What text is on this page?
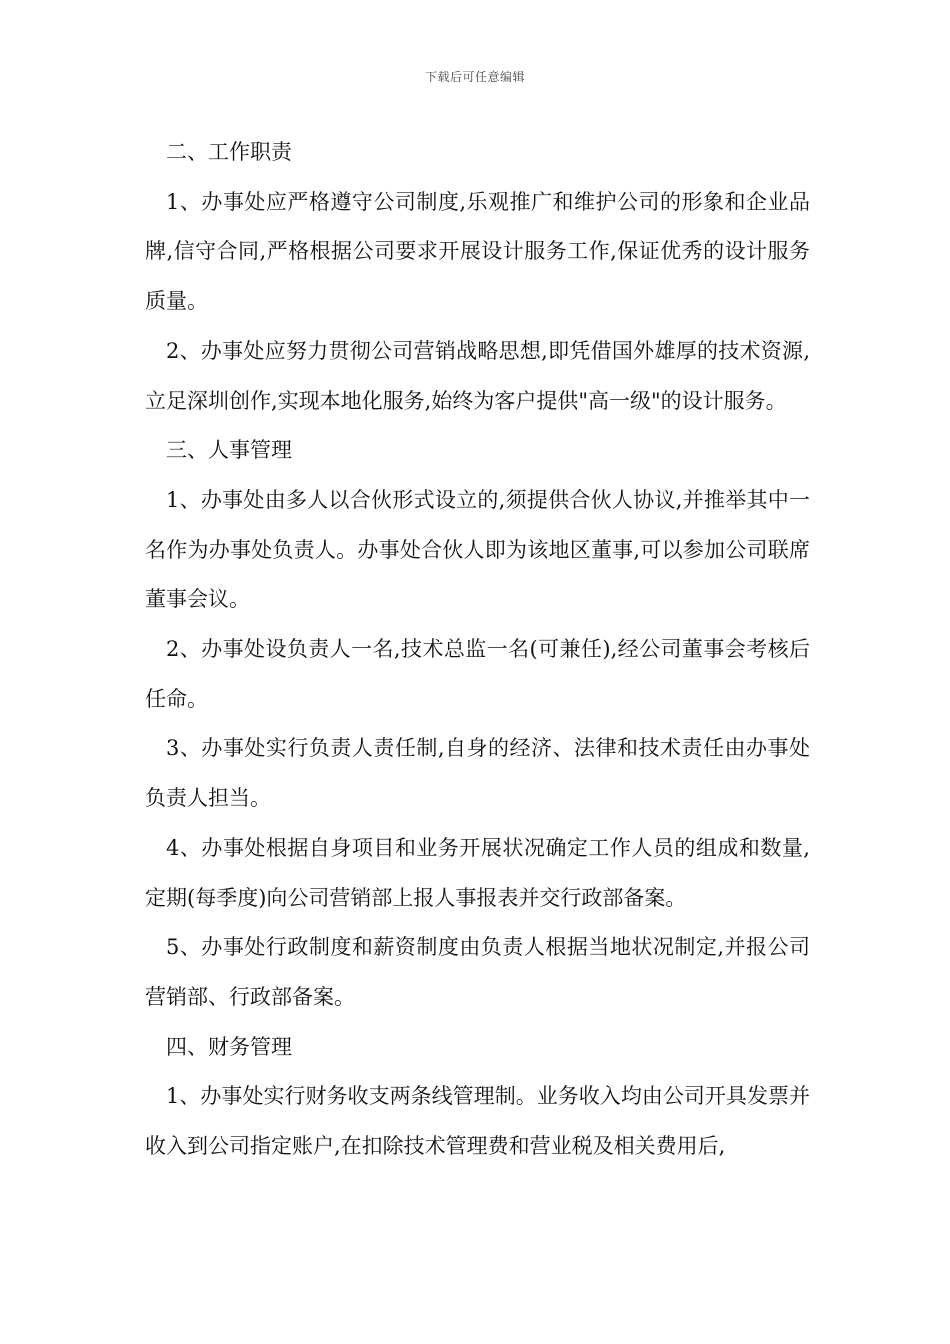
下载后可任意编辑

二、工作职责

1、办事处应严格遵守公司制度,乐观推广和维护公司的形象和企业品牌,信守合同,严格根据公司要求开展设计服务工作,保证优秀的设计服务质量。

2、办事处应努力贯彻公司营销战略思想,即凭借国外雄厚的技术资源,立足深圳创作,实现本地化服务,始终为客户提供"高一级"的设计服务。

三、人事管理

1、办事处由多人以合伙形式设立的,须提供合伙人协议,并推举其中一名作为办事处负责人。办事处合伙人即为该地区董事,可以参加公司联席董事会议。

2、办事处设负责人一名,技术总监一名(可兼任),经公司董事会考核后任命。

3、办事处实行负责人责任制,自身的经济、法律和技术责任由办事处负责人担当。

4、办事处根据自身项目和业务开展状况确定工作人员的组成和数量,定期(每季度)向公司营销部上报人事报表并交行政部备案。

5、办事处行政制度和薪资制度由负责人根据当地状况制定,并报公司营销部、行政部备案。

四、财务管理

1、办事处实行财务收支两条线管理制。业务收入均由公司开具发票并收入到公司指定账户,在扣除技术管理费和营业税及相关费用后,
